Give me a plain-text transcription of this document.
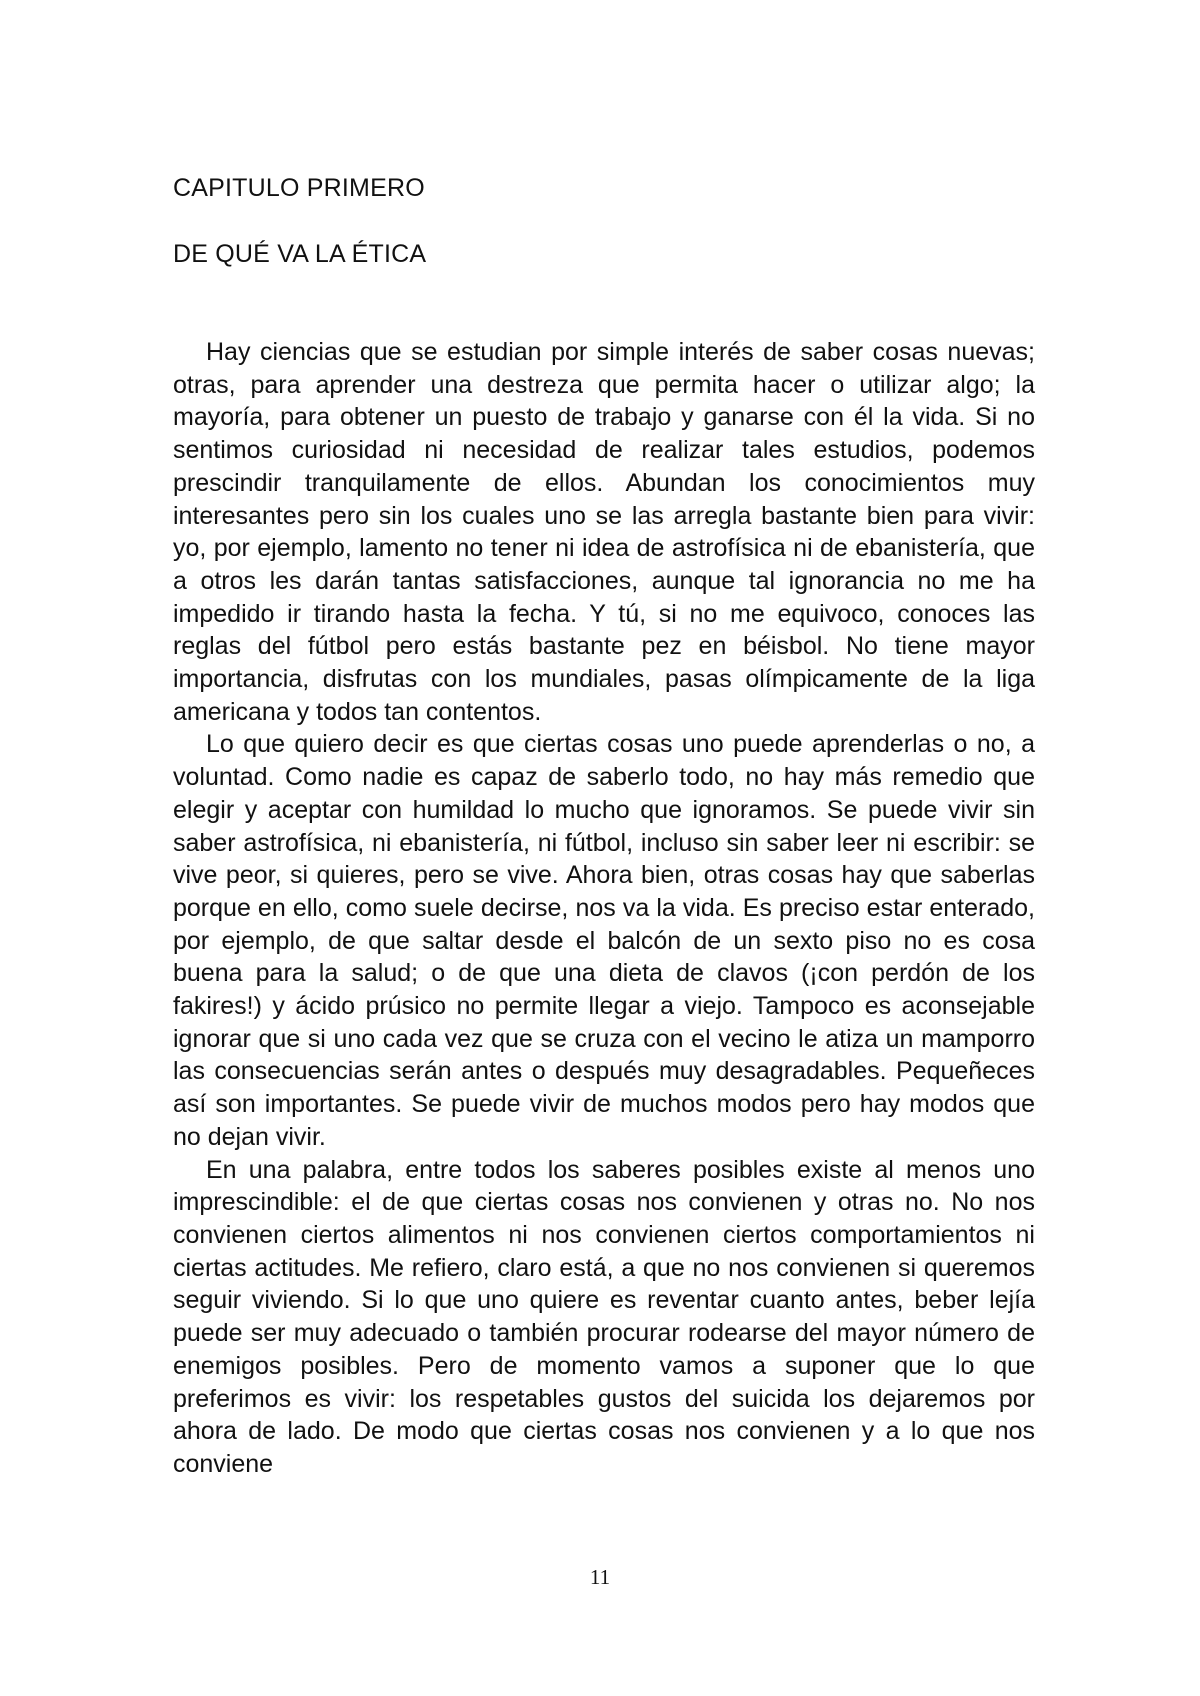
CAPITULO PRIMERO
DE QUÉ VA LA ÉTICA

Hay ciencias que se estudian por simple interés de saber cosas nuevas; otras, para aprender una destreza que permita hacer o utilizar algo; la mayoría, para obtener un puesto de trabajo y ganarse con él la vida. Si no sentimos curiosidad ni necesidad de realizar tales estudios, podemos prescindir tranquilamente de ellos. Abundan los conocimientos muy interesantes pero sin los cuales uno se las arregla bastante bien para vivir: yo, por ejemplo, lamento no tener ni idea de astrofísica ni de ebanistería, que a otros les darán tantas satisfacciones, aunque tal ignorancia no me ha impedido ir tirando hasta la fecha. Y tú, si no me equivoco, conoces las reglas del fútbol pero estás bastante pez en béisbol. No tiene mayor importancia, disfrutas con los mundiales, pasas olímpicamente de la liga americana y todos tan contentos.

Lo que quiero decir es que ciertas cosas uno puede aprenderlas o no, a voluntad. Como nadie es capaz de saberlo todo, no hay más remedio que elegir y aceptar con humildad lo mucho que ignoramos. Se puede vivir sin saber astrofísica, ni ebanistería, ni fútbol, incluso sin saber leer ni escribir: se vive peor, si quieres, pero se vive. Ahora bien, otras cosas hay que saberlas porque en ello, como suele decirse, nos va la vida. Es preciso estar enterado, por ejemplo, de que saltar desde el balcón de un sexto piso no es cosa buena para la salud; o de que una dieta de clavos (¡con perdón de los fakires!) y ácido prúsico no permite llegar a viejo. Tampoco es aconsejable ignorar que si uno cada vez que se cruza con el vecino le atiza un mamporro las consecuencias serán antes o después muy desagradables. Pequeñeces así son importantes. Se puede vivir de muchos modos pero hay modos que no dejan vivir.

En una palabra, entre todos los saberes posibles existe al menos uno imprescindible: el de que ciertas cosas nos convienen y otras no. No nos convienen ciertos alimentos ni nos convienen ciertos comportamientos ni ciertas actitudes. Me refiero, claro está, a que no nos convienen si queremos seguir viviendo. Si lo que uno quiere es reventar cuanto antes, beber lejía puede ser muy adecuado o también procurar rodearse del mayor número de enemigos posibles. Pero de momento vamos a suponer que lo que preferimos es vivir: los respetables gustos del suicida los dejaremos por ahora de lado. De modo que ciertas cosas nos convienen y a lo que nos conviene

11
